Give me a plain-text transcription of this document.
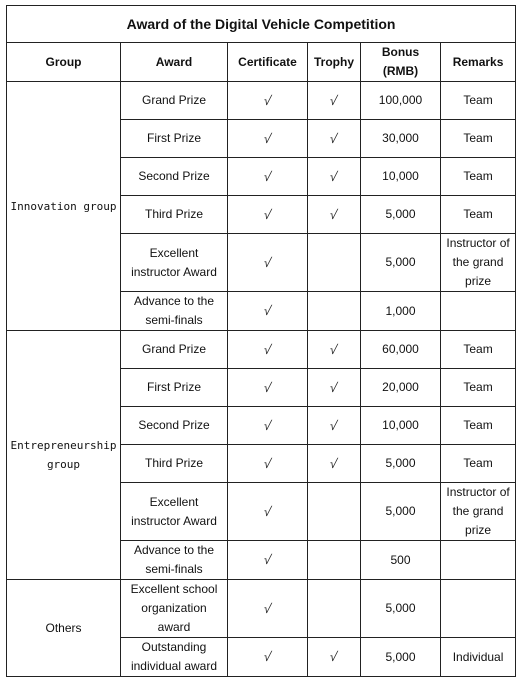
Award of the Digital Vehicle Competition					
Group	Award	Certificate	Trophy	Bonus (RMB)	Remarks
Innovation group	Grand Prize	√	√	100,000	Team
	First Prize	√	√	30,000	Team
	Second Prize	√	√	10,000	Team
	Third Prize	√	√	5,000	Team
	Excellent instructor Award	√		5,000	Instructor of the grand prize
	Advance to the semi-finals	√		1,000	
Entrepreneurship group	Grand Prize	√	√	60,000	Team
	First Prize	√	√	20,000	Team
	Second Prize	√	√	10,000	Team
	Third Prize	√	√	5,000	Team
	Excellent instructor Award	√		5,000	Instructor of the grand prize
	Advance to the semi-finals	√		500	
Others	Excellent school organization award	√		5,000	
	Outstanding individual award	√	√	5,000	Individual
